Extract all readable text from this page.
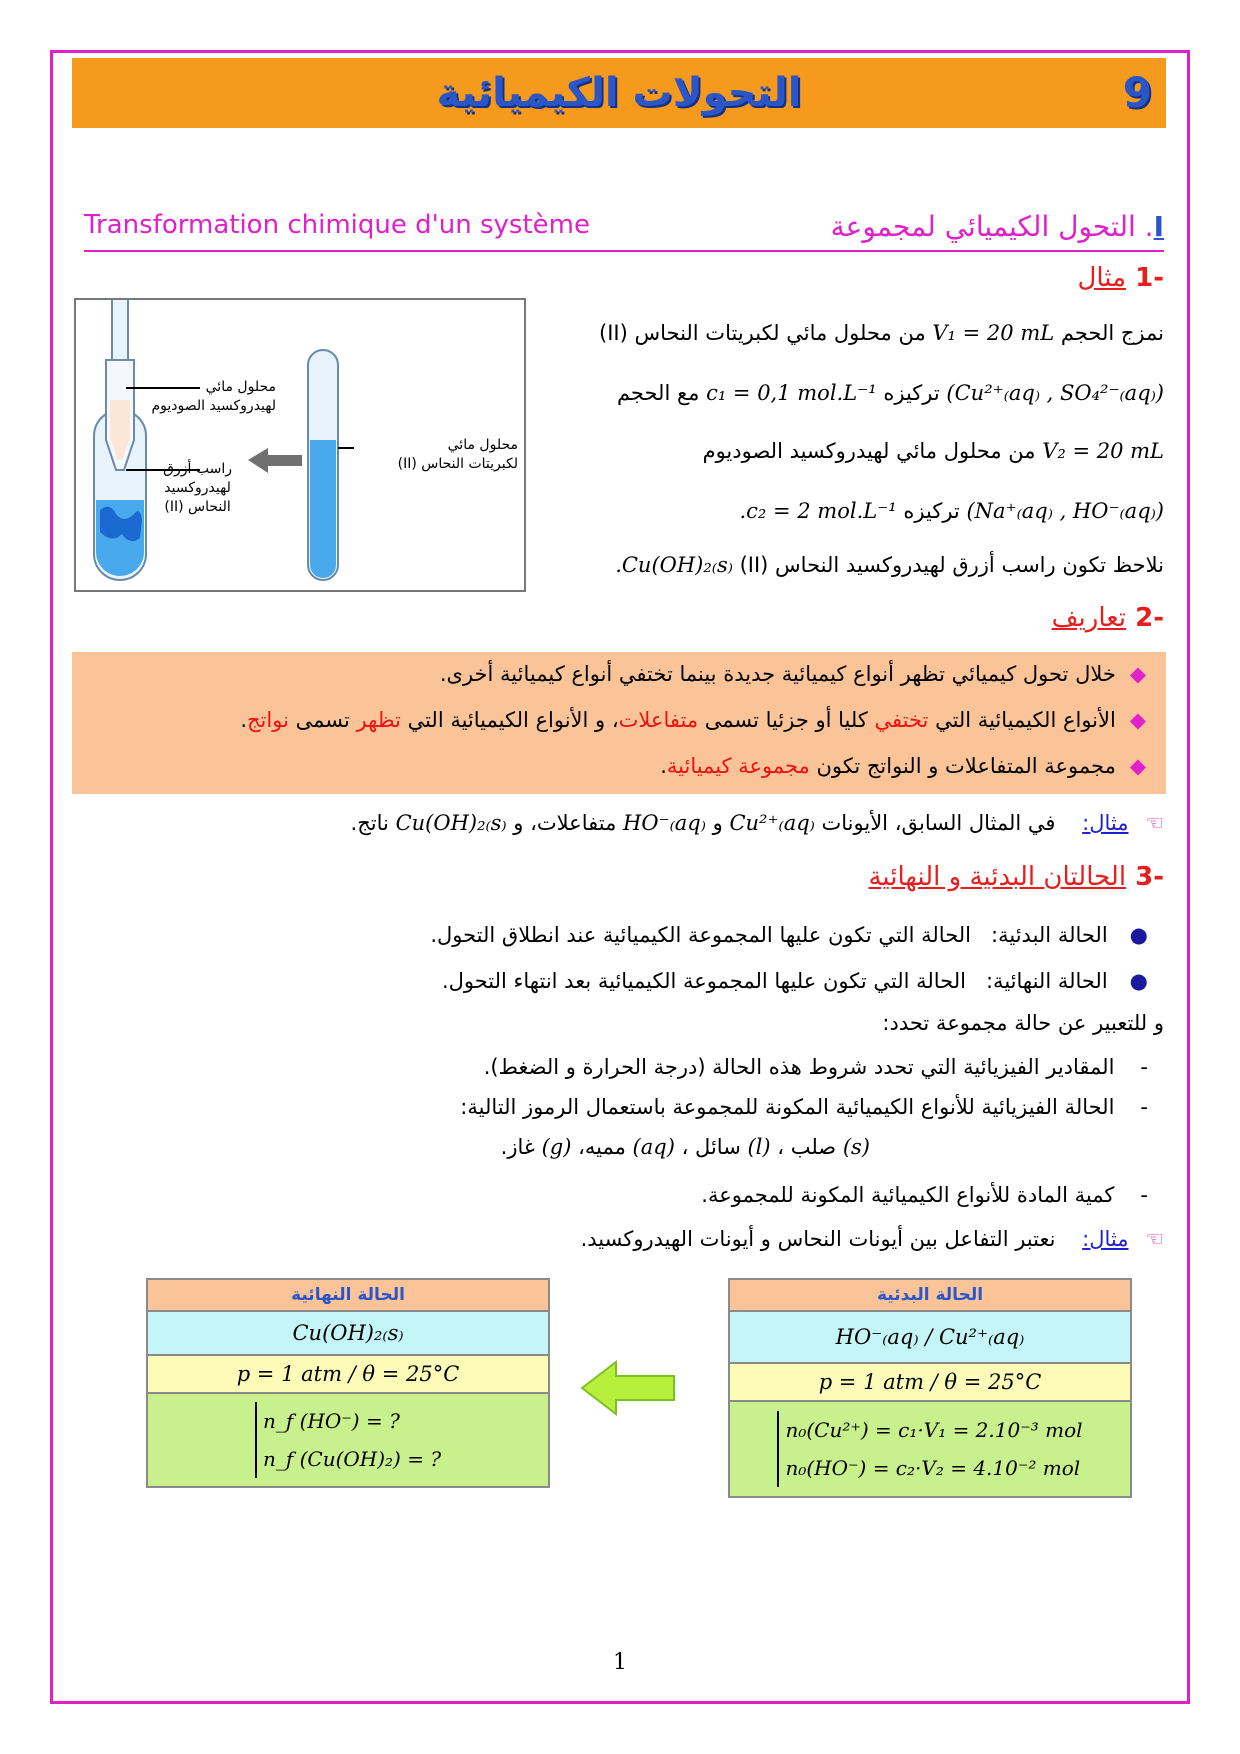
التحولات الكيميائية	9
Transformation chimique d'un système	I. التحول الكيميائي لمجموعة
-1 مثال
نمزج الحجم V₁ = 20 mL من محلول مائي لكبريتات النحاس (II)
(Cu²⁺₍aq₎ , SO₄²⁻₍aq₎) تركيزه c₁ = 0,1 mol.L⁻¹ مع الحجم
V₂ = 20 mL من محلول مائي لهيدروكسيد الصوديوم
(Na⁺₍aq₎ , HO⁻₍aq₎) تركيزه .c₂ = 2 mol.L⁻¹
نلاحظ تكون راسب أزرق لهيدروكسيد النحاس (II) .Cu(OH)₂₍s₎
محلول مائي
لهيدروكسيد الصوديوم
راسب أزرق
لهيدروكسيد
النحاس (II)
محلول مائي
لكبريتات النحاس (II)
-2 تعاريف
◆خلال تحول كيميائي تظهر أنواع كيميائية جديدة بينما تختفي أنواع كيميائية أخرى.
◆الأنواع الكيميائية التي تختفي كليا أو جزئيا تسمى متفاعلات، و الأنواع الكيميائية التي تظهر تسمى نواتج.
◆مجموعة المتفاعلات و النواتج تكون مجموعة كيميائية.
☜ مثال:    في المثال السابق، الأيونات Cu²⁺₍aq₎ و HO⁻₍aq₎ متفاعلات، و Cu(OH)₂₍s₎ ناتج.
-3 الحالتان البدئية و النهائية
●الحالة البدئية:   الحالة التي تكون عليها المجموعة الكيميائية عند انطلاق التحول.
●الحالة النهائية:   الحالة التي تكون عليها المجموعة الكيميائية بعد انتهاء التحول.
و للتعبير عن حالة مجموعة تحدد:
-المقادير الفيزيائية التي تحدد شروط هذه الحالة (درجة الحرارة و الضغط).
-الحالة الفيزيائية للأنواع الكيميائية المكونة للمجموعة باستعمال الرموز التالية:
(s) صلب ، (l) سائل ، (aq) مميه، (g) غاز.
-كمية المادة للأنواع الكيميائية المكونة للمجموعة.
☜ مثال:    نعتبر التفاعل بين أيونات النحاس و أيونات الهيدروكسيد.
الحالة النهائية
Cu(OH)₂₍s₎
p = 1 atm / θ = 25°C

n_f (HO⁻) = ?
n_f (Cu(OH)₂) = ?
الحالة البدئية
HO⁻₍aq₎ / Cu²⁺₍aq₎
p = 1 atm / θ = 25°C

n₀(Cu²⁺) = c₁·V₁ = 2.10⁻³ mol
n₀(HO⁻) = c₂·V₂ = 4.10⁻² mol
1
